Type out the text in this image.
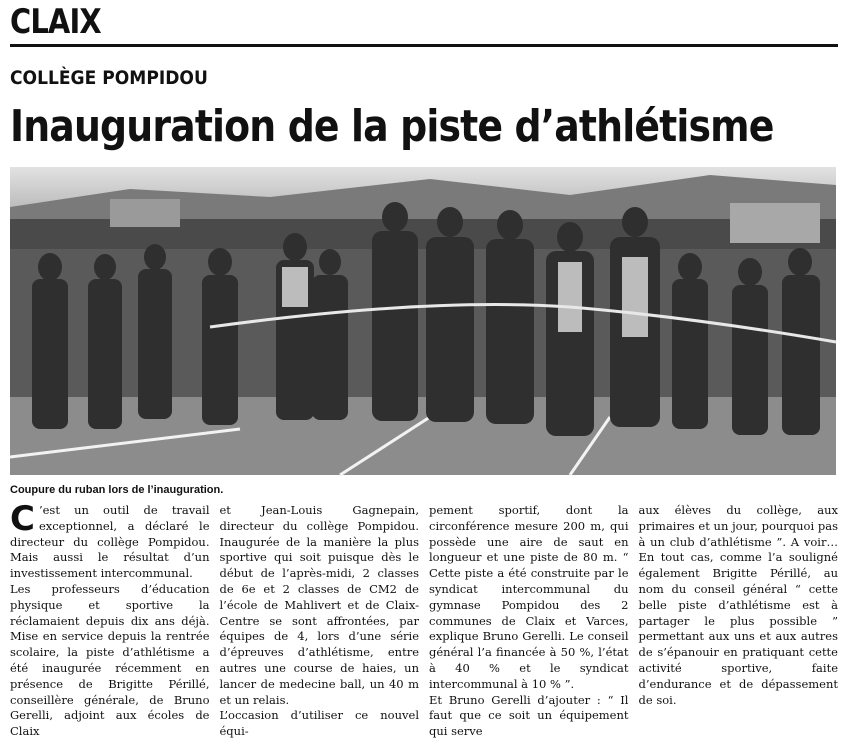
CLAIX
COLLÈGE POMPIDOU
Inauguration de la piste d’athlétisme
Coupure du ruban lors de l’inauguration.

C ’est un outil de travail exceptionnel, a déclaré le directeur du collège Pompidou. Mais aussi le résultat d’un investissement intercommunal.

Les professeurs d’éducation physique et sportive la réclamaient depuis dix ans déjà. Mise en service depuis la rentrée scolaire, la piste d’athlétisme a été inaugurée récemment en présence de Brigitte Périllé, conseillère générale, de Bruno Gerelli, adjoint aux écoles de Claix

et Jean-Louis Gagnepain, directeur du collège Pompidou. Inaugurée de la manière la plus sportive qui soit puisque dès le début de l’après-midi, 2 classes de 6e et 2 classes de CM2 de l’école de Mahlivert et de Claix-Centre se sont affrontées, par équipes de 4, lors d’une série d’épreuves d’athlétisme, entre autres une course de haies, un lancer de medecine ball, un 40 m et un relais.

L’occasion d’utiliser ce nouvel équi-

pement sportif, dont la circonférence mesure 200 m, qui possède une aire de saut en longueur et une piste de 80 m. “ Cette piste a été construite par le syndicat intercommunal du gymnase Pompidou des 2 communes de Claix et Varces, explique Bruno Gerelli. Le conseil général l’a financée à 50 %, l’état à 40 % et le syndicat intercommunal à 10 % ”.

Et Bruno Gerelli d’ajouter : “ Il faut que ce soit un équipement qui serve

aux élèves du collège, aux primaires et un jour, pourquoi pas à un club d’athlétisme ”. A voir… En tout cas, comme l’a souligné également Brigitte Périllé, au nom du conseil général “ cette belle piste d’athlétisme est à partager le plus possible ” permettant aux uns et aux autres de s’épanouir en pratiquant cette activité sportive, faite d’endurance et de dépassement de soi.
